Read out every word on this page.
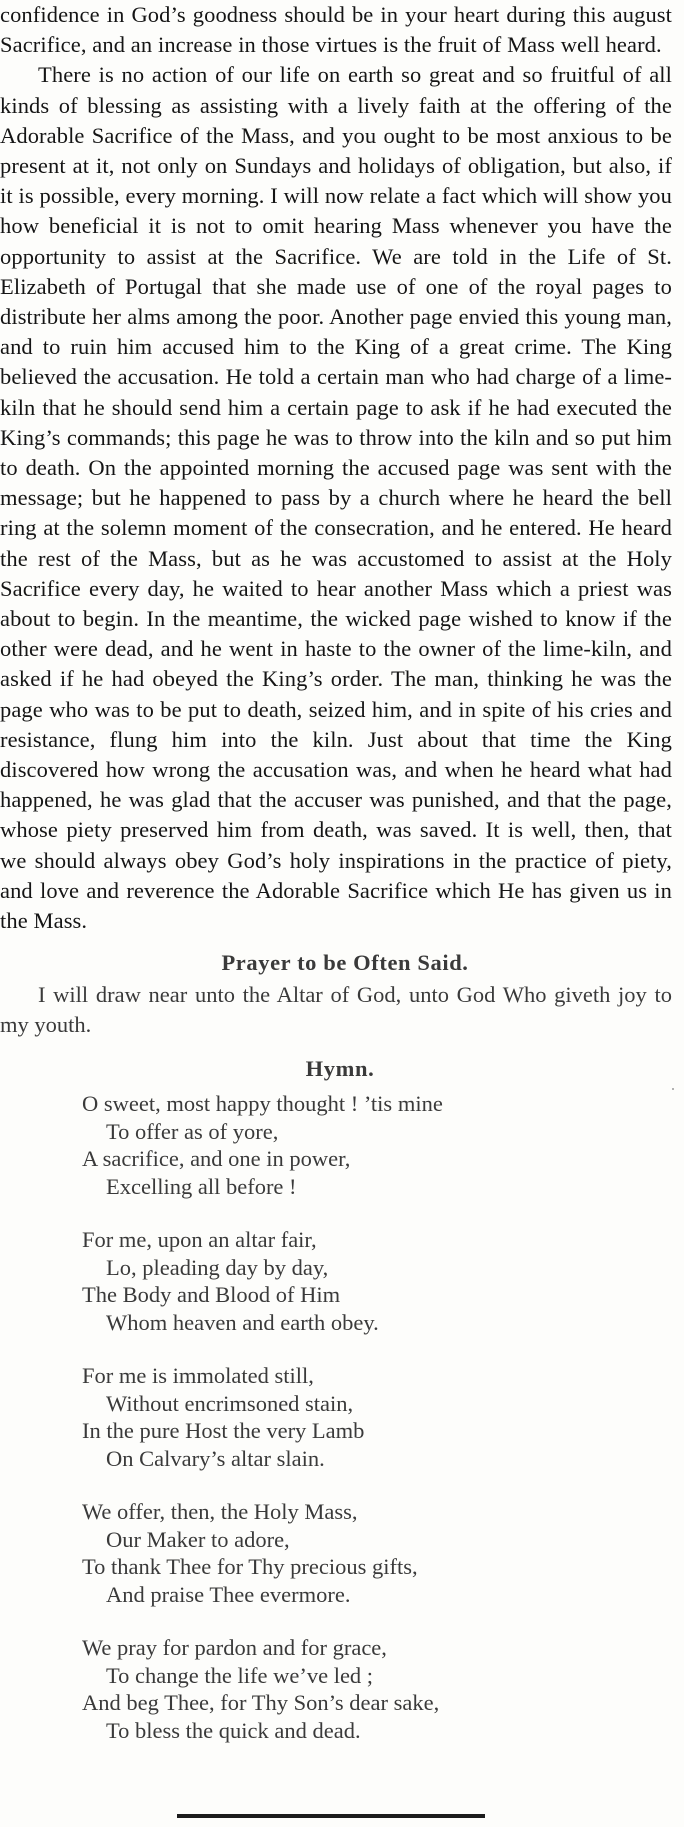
confidence in God’s goodness should be in your heart during this august Sacrifice, and an increase in those virtues is the fruit of Mass well heard.

There is no action of our life on earth so great and so fruitful of all kinds of blessing as assisting with a lively faith at the offering of the Adorable Sacrifice of the Mass, and you ought to be most anxious to be present at it, not only on Sundays and holidays of obligation, but also, if it is possible, every morning. I will now relate a fact which will show you how beneficial it is not to omit hearing Mass whenever you have the opportunity to assist at the Sacrifice. We are told in the Life of St. Elizabeth of Portugal that she made use of one of the royal pages to distribute her alms among the poor. Another page envied this young man, and to ruin him accused him to the King of a great crime. The King believed the accusation. He told a certain man who had charge of a lime-kiln that he should send him a certain page to ask if he had executed the King’s commands; this page he was to throw into the kiln and so put him to death. On the appointed morning the accused page was sent with the message; but he happened to pass by a church where he heard the bell ring at the solemn moment of the consecration, and he entered. He heard the rest of the Mass, but as he was accustomed to assist at the Holy Sacrifice every day, he waited to hear another Mass which a priest was about to begin. In the meantime, the wicked page wished to know if the other were dead, and he went in haste to the owner of the lime-kiln, and asked if he had obeyed the King’s order. The man, thinking he was the page who was to be put to death, seized him, and in spite of his cries and resistance, flung him into the kiln. Just about that time the King discovered how wrong the accusation was, and when he heard what had happened, he was glad that the accuser was punished, and that the page, whose piety preserved him from death, was saved. It is well, then, that we should always obey God’s holy inspirations in the practice of piety, and love and reverence the Adorable Sacrifice which He has given us in the Mass.

Prayer to be Often Said.

I will draw near unto the Altar of God, unto God Who giveth joy to my youth.

Hymn.
O sweet, most happy thought ! ’tis mine
To offer as of yore,
A sacrifice, and one in power,
Excelling all before !
For me, upon an altar fair,
Lo, pleading day by day,
The Body and Blood of Him
Whom heaven and earth obey.
For me is immolated still,
Without encrimsoned stain,
In the pure Host the very Lamb
On Calvary’s altar slain.
We offer, then, the Holy Mass,
Our Maker to adore,
To thank Thee for Thy precious gifts,
And praise Thee evermore.
We pray for pardon and for grace,
To change the life we’ve led ;
And beg Thee, for Thy Son’s dear sake,
To bless the quick and dead.
